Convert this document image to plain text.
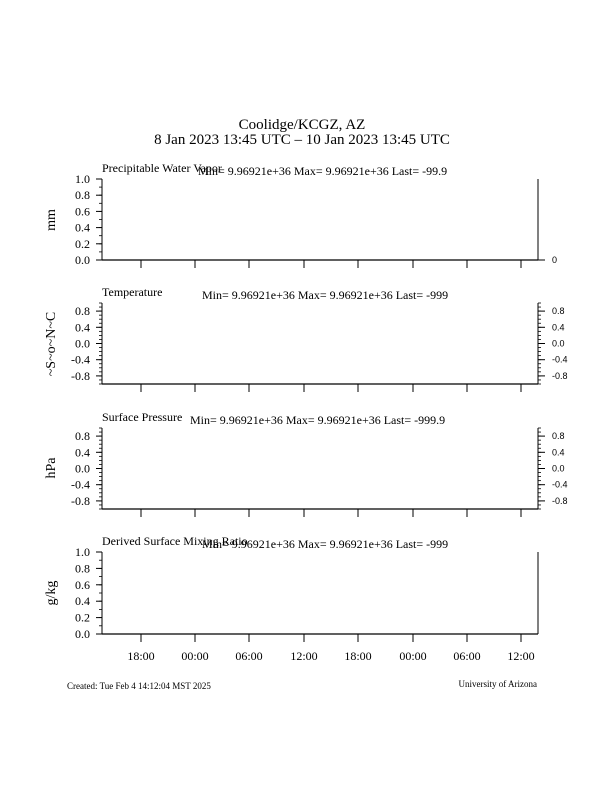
Coolidge/KCGZ, AZ
8 Jan 2023 13:45 UTC – 10 Jan 2023 13:45 UTC
Precipitable Water Vapor
Min= 9.96921e+36 Max= 9.96921e+36 Last= -99.9
mm
1.0
0.8
0.6
0.4
0.2
0.0	0
Temperature	Min= 9.96921e+36 Max= 9.96921e+36 Last= -999
~S~o~N~C
0.8
0.4
0.0
-0.4
-0.8
0.8
0.4
0.0
-0.4
-0.8
Surface Pressure Min= 9.96921e+36 Max= 9.96921e+36 Last= -999.9
hPa
0.8
0.4
0.0
-0.4
-0.8
0.8
0.4
0.0
-0.4
-0.8
Derived Surface Mixing Ratio
Min= 9.96921e+36 Max= 9.96921e+36 Last= -999
g/kg
1.0
0.8
0.6
0.4
0.2
0.0
18:00 00:00 06:00 12:00 18:00 00:00 06:00 12:00
Created: Tue Feb 4 14:12:04 MST 2025	University of Arizona
